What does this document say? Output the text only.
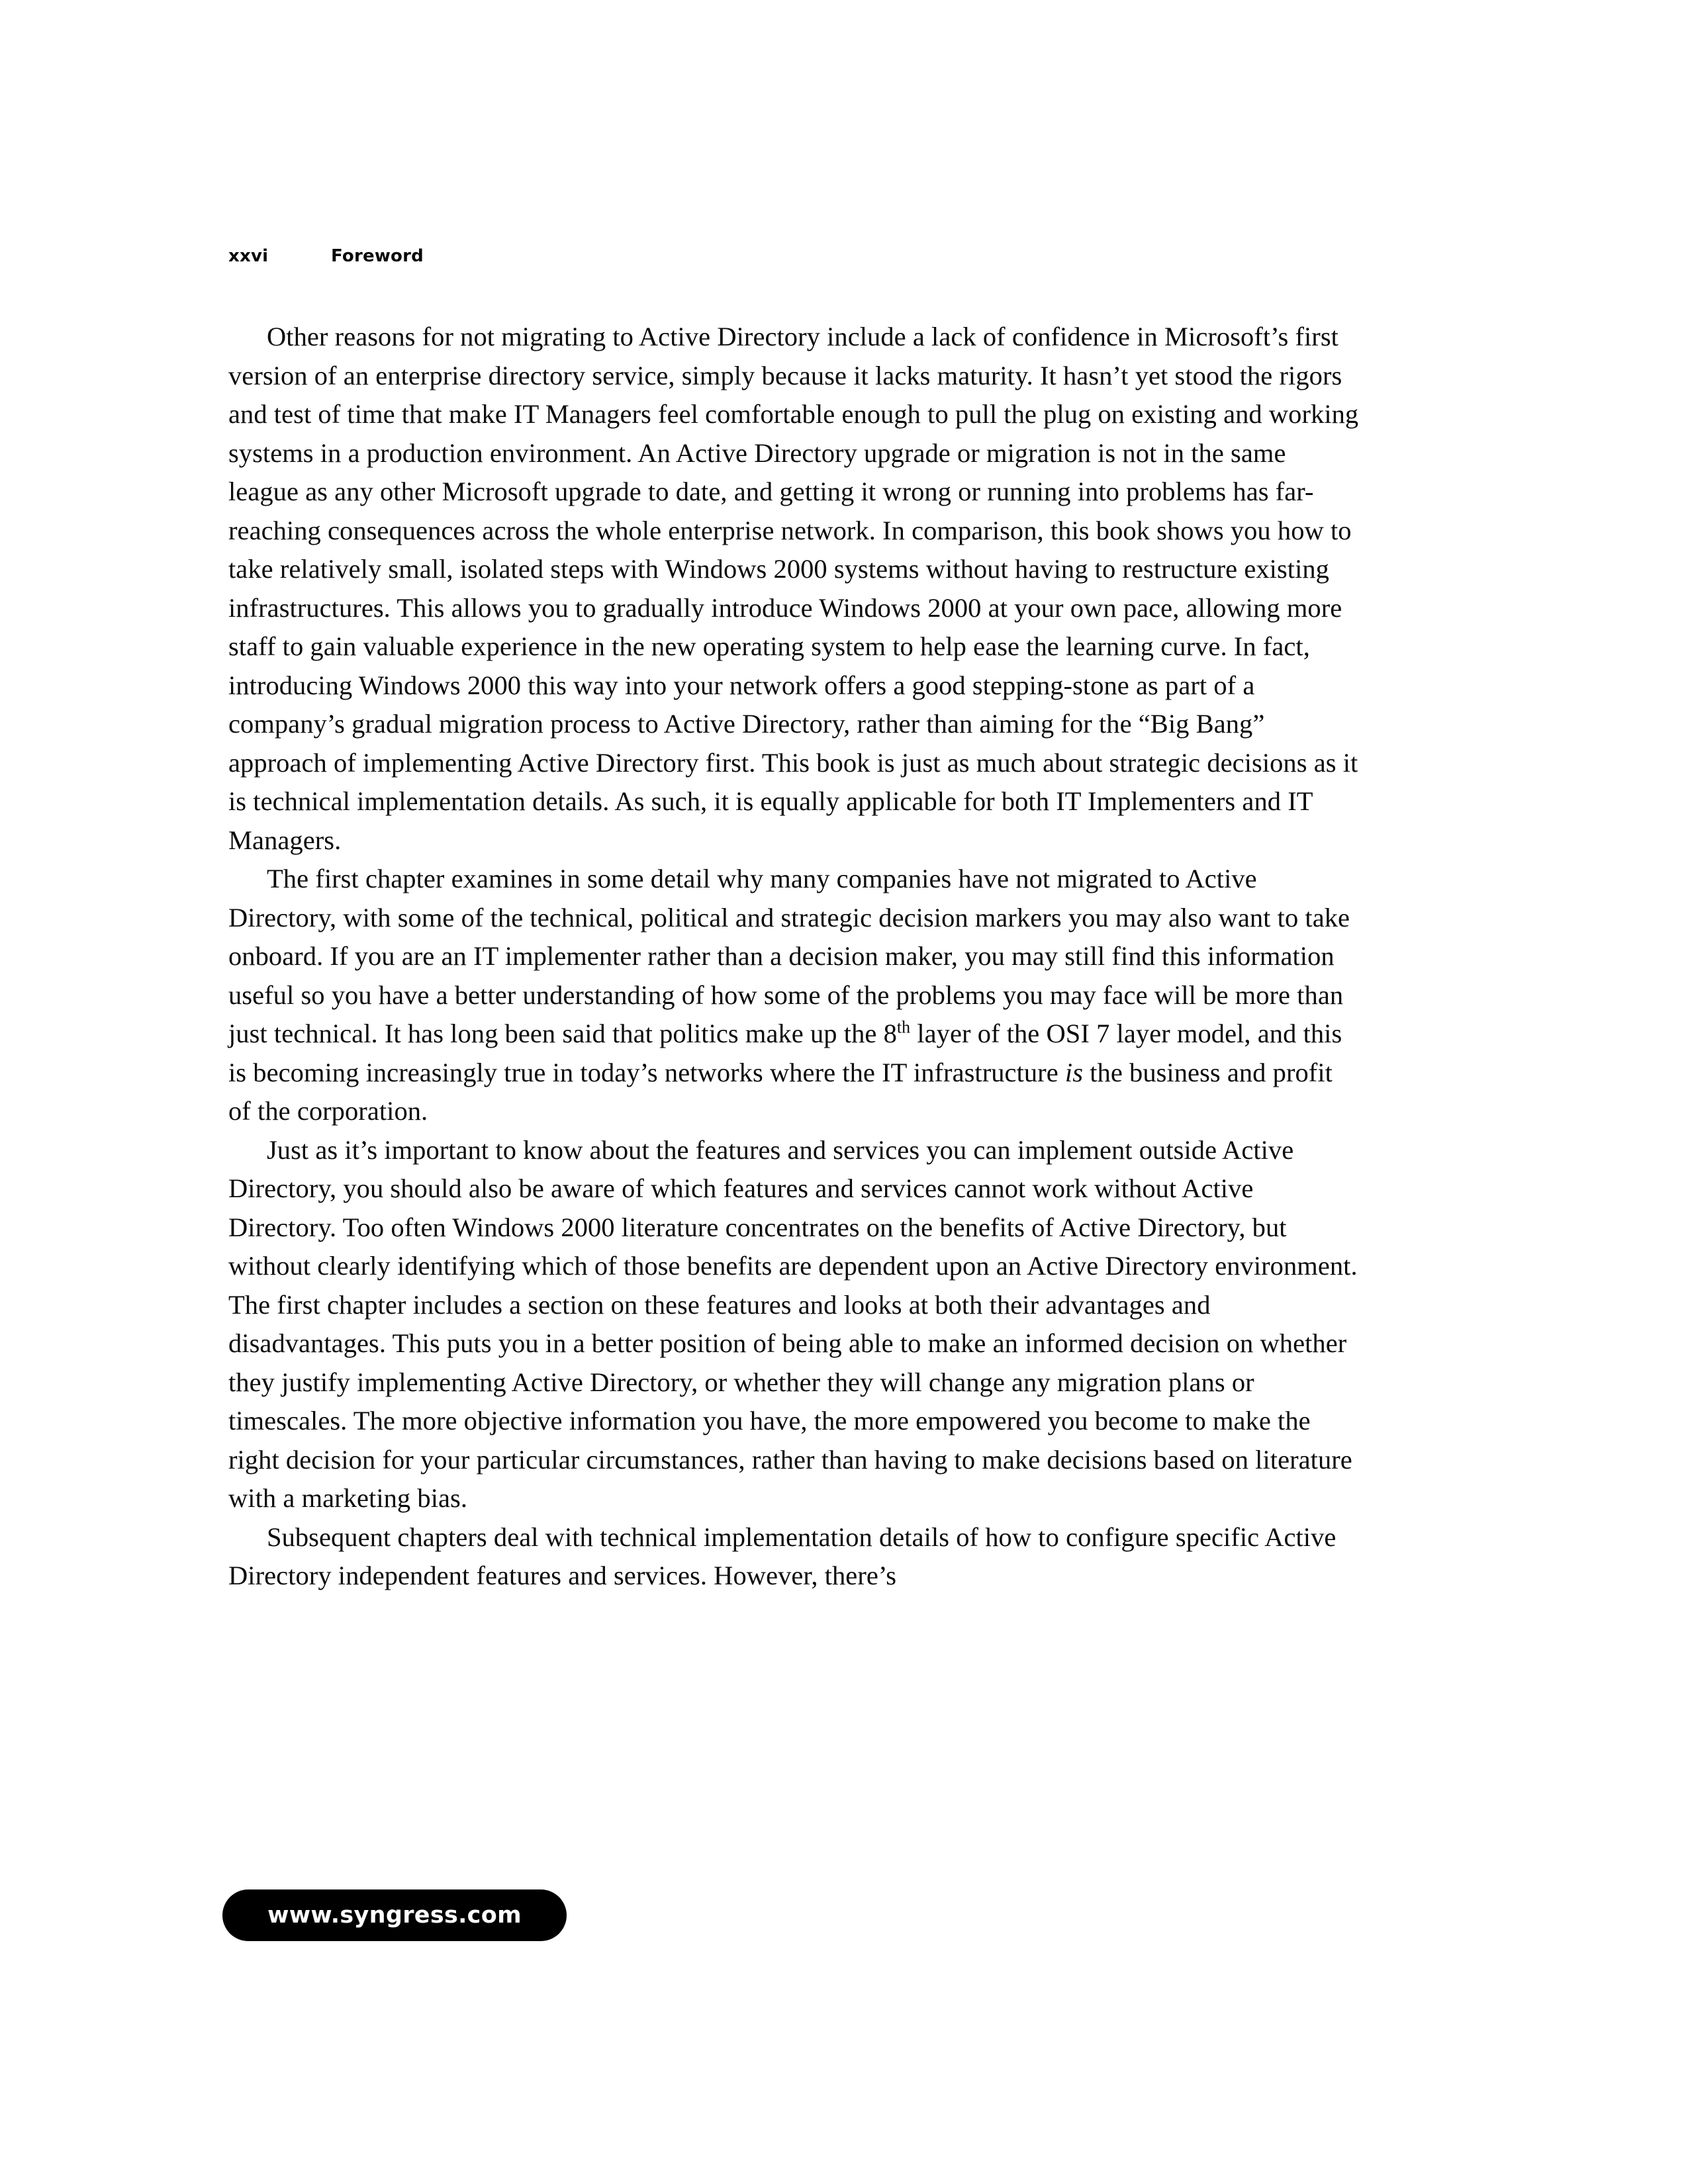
xxvi	Foreword

Other reasons for not migrating to Active Directory include a lack of confidence in Microsoft’s first version of an enterprise directory service, simply because it lacks maturity. It hasn’t yet stood the rigors and test of time that make IT Managers feel comfortable enough to pull the plug on existing and working systems in a production environment. An Active Directory upgrade or migration is not in the same league as any other Microsoft upgrade to date, and getting it wrong or running into problems has far-reaching consequences across the whole enterprise network. In comparison, this book shows you how to take relatively small, isolated steps with Windows 2000 systems without having to restructure existing infrastructures. This allows you to gradually introduce Windows 2000 at your own pace, allowing more staff to gain valuable experience in the new operating system to help ease the learning curve. In fact, introducing Windows 2000 this way into your network offers a good stepping-stone as part of a company’s gradual migration process to Active Directory, rather than aiming for the “Big Bang” approach of implementing Active Directory first. This book is just as much about strategic decisions as it is technical implementation details. As such, it is equally applicable for both IT Implementers and IT Managers.

The first chapter examines in some detail why many companies have not migrated to Active Directory, with some of the technical, political and strategic decision markers you may also want to take onboard. If you are an IT implementer rather than a decision maker, you may still find this information useful so you have a better understanding of how some of the problems you may face will be more than just technical. It has long been said that politics make up the 8th layer of the OSI 7 layer model, and this is becoming increasingly true in today’s networks where the IT infrastructure is the business and profit of the corporation.

Just as it’s important to know about the features and services you can implement outside Active Directory, you should also be aware of which features and services cannot work without Active Directory. Too often Windows 2000 literature concentrates on the benefits of Active Directory, but without clearly identifying which of those benefits are dependent upon an Active Directory environment. The first chapter includes a section on these features and looks at both their advantages and disadvantages. This puts you in a better position of being able to make an informed decision on whether they justify implementing Active Directory, or whether they will change any migration plans or timescales. The more objective information you have, the more empowered you become to make the right decision for your particular circumstances, rather than having to make decisions based on literature with a marketing bias.

Subsequent chapters deal with technical implementation details of how to configure specific Active Directory independent features and services. However, there’s

www.syngress.com
